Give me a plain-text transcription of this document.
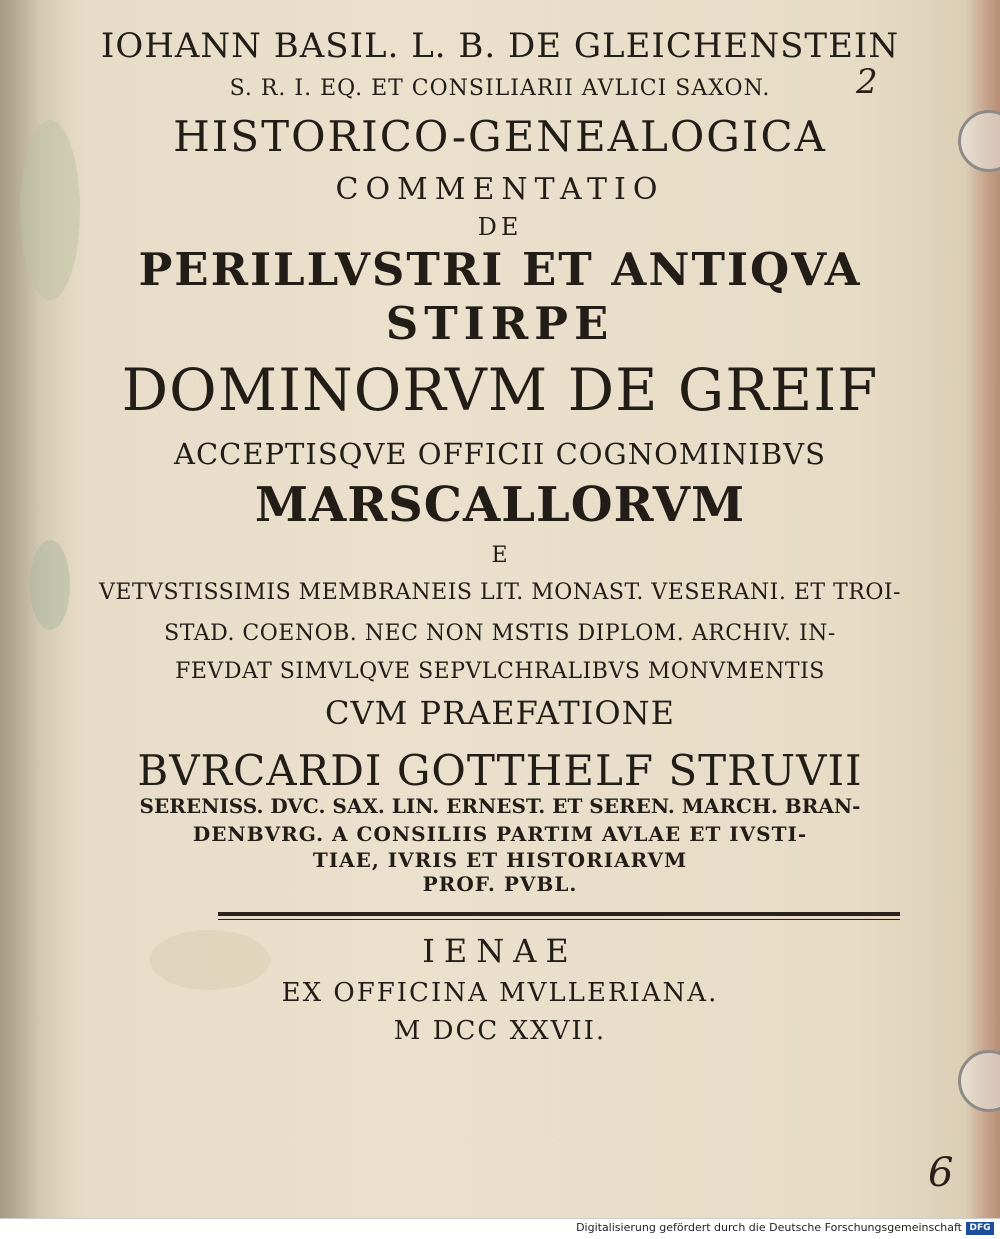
IOHANN BASIL. L. B. DE GLEICHENSTEIN
S. R. I. EQ. ET CONSILIARII AVLICI SAXON.	2
HISTORICO-GENEALOGICA
COMMENTATIO
DE
PERILLVSTRI ET ANTIQVA
STIRPE
DOMINORVM DE GREIF
ACCEPTISQVE OFFICII COGNOMINIBVS
MARSCALLORVM
E
VETVSTISSIMIS MEMBRANEIS LIT. MONAST. VESERANI. ET TROI-
STAD. COENOB. NEC NON MSTIS DIPLOM. ARCHIV. IN-
FEVDAT SIMVLQVE SEPVLCHRALIBVS MONVMENTIS
CVM PRAEFATIONE
BVRCARDI GOTTHELF STRUVII
SERENISS. DVC. SAX. LIN. ERNEST. ET SEREN. MARCH. BRAN-
DENBVRG. A CONSILIIS PARTIM AVLAE ET IVSTI-
TIAE, IVRIS ET HISTORIARVM
PROF. PVBL.
IENAE
EX OFFICINA MVLLERIANA.
M DCC XXVII.
6
Digitalisierung gefördert durch die Deutsche Forschungsgemeinschaft DFG
